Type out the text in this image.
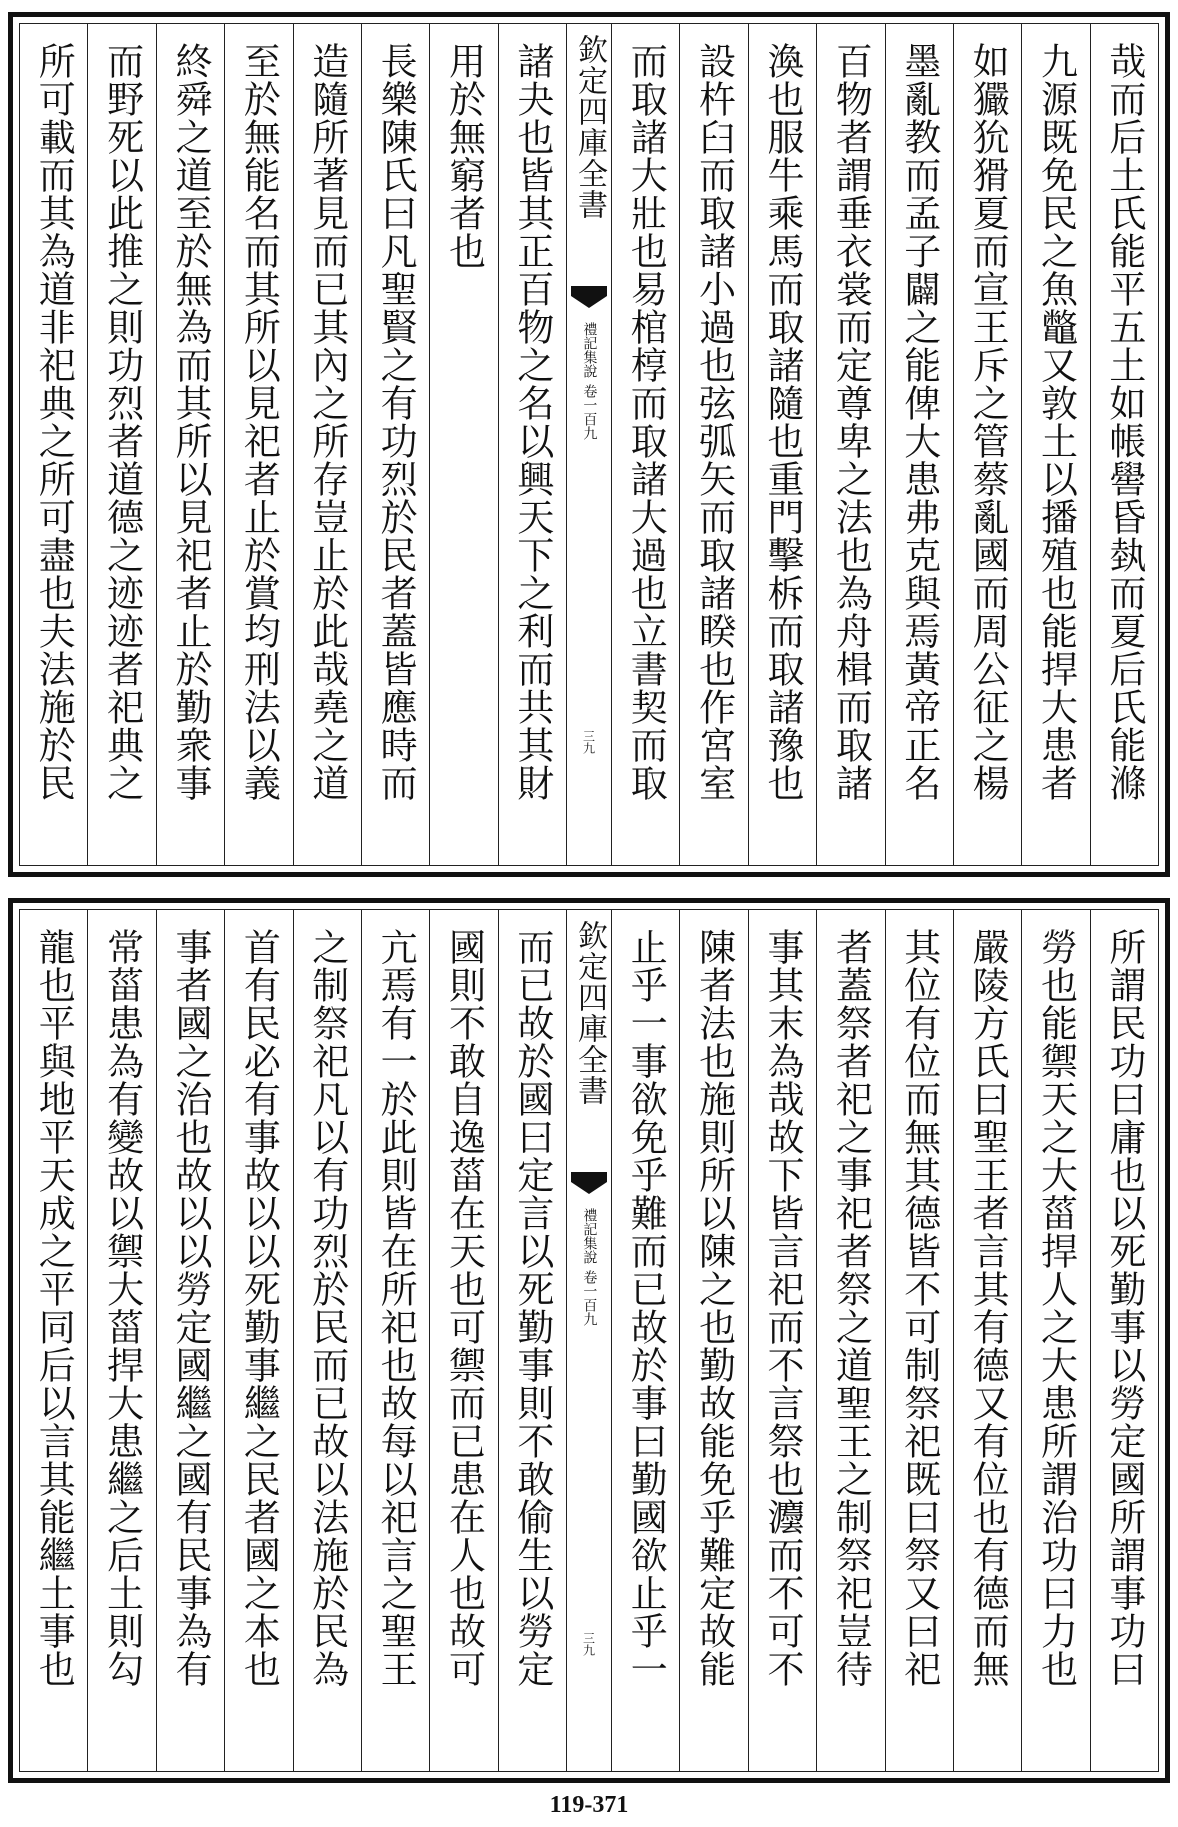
哉而后土氏能平五土如帳嚳昏埶而夏后氏能滌
九源既免民之魚鼈又敦土以播殖也能捍大患者
如玁狁猾夏而宣王斥之管蔡亂國而周公征之楊
墨亂教而孟子闢之能俾大患弗克與焉黃帝正名
百物者謂垂衣裳而定尊卑之法也為舟楫而取諸
渙也服牛乘馬而取諸隨也重門擊柝而取諸豫也
設杵臼而取諸小過也弦弧矢而取諸睽也作宮室
而取諸大壯也易棺椁而取諸大過也立書契而取
欽定四庫全書
禮記集說
卷一百九
三九
諸夬也皆其正百物之名以興天下之利而共其財
用於無窮者也
長樂陳氏曰凡聖賢之有功烈於民者蓋皆應時而
造隨所著見而已其內之所存豈止於此哉堯之道
至於無能名而其所以見祀者止於賞均刑法以義
終舜之道至於無為而其所以見祀者止於勤衆事
而野死以此推之則功烈者道德之迹迹者祀典之
所可載而其為道非祀典之所可盡也夫法施於民
所謂民功曰庸也以死勤事以勞定國所謂事功曰
勞也能禦天之大菑捍人之大患所謂治功曰力也
嚴陵方氏曰聖王者言其有德又有位也有德而無
其位有位而無其德皆不可制祭祀既曰祭又曰祀
者蓋祭者祀之事祀者祭之道聖王之制祭祀豈待
事其末為哉故下皆言祀而不言祭也灋而不可不
陳者法也施則所以陳之也勤故能免乎難定故能
止乎一事欲免乎難而已故於事曰勤國欲止乎一
欽定四庫全書
禮記集說
卷一百九
三九
而已故於國曰定言以死勤事則不敢偷生以勞定
國則不敢自逸菑在天也可禦而已患在人也故可
亢焉有一於此則皆在所祀也故每以祀言之聖王
之制祭祀凡以有功烈於民而已故以法施於民為
首有民必有事故以以死勤事繼之民者國之本也
事者國之治也故以以勞定國繼之國有民事為有
常菑患為有變故以禦大菑捍大患繼之后土則勾
龍也平與地平天成之平同后以言其能繼土事也
119-371
